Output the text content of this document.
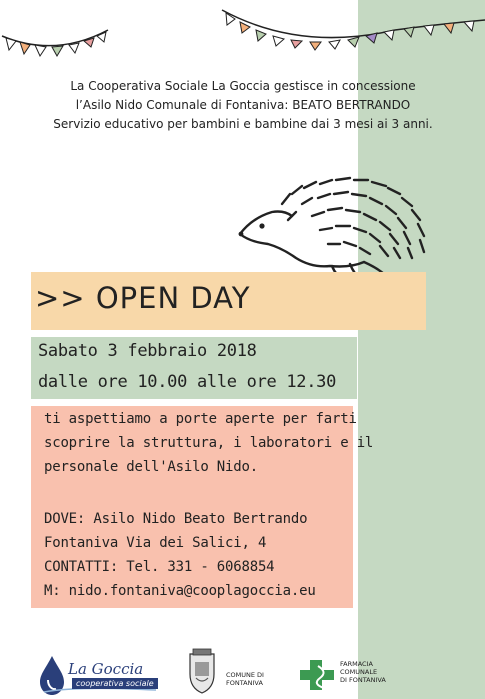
La Cooperativa Sociale La Goccia gestisce in concessione
l’Asilo Nido Comunale di Fontaniva: BEATO BERTRANDO
Servizio educativo per bambini e bambine dai 3 mesi ai 3 anni.
>> OPEN DAY
Sabato 3 febbraio 2018
dalle ore 10.00 alle ore 12.30
ti aspettiamo a porte aperte per farti
scoprire la struttura, i laboratori e il
personale dell'Asilo Nido.
DOVE: Asilo Nido Beato Bertrando
Fontaniva Via dei Salici, 4
CONTATTI: Tel. 331 - 6068854
M: nido.fontaniva@cooplagoccia.eu
La Goccia
cooperativa sociale
COMUNE DI
FONTANIVA
FARMACIA
COMUNALE
DI FONTANIVA
